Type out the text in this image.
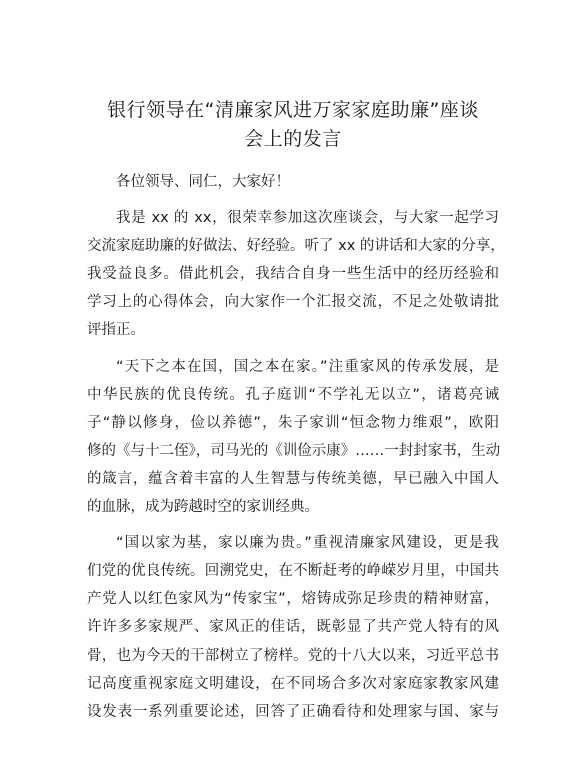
银行领导在“清廉家风进万家家庭助廉”座谈
会上的发言
各位领导、同仁，大家好！
我是 xx 的 xx，很荣幸参加这次座谈会，与大家一起学习
交流家庭助廉的好做法、好经验。听了 xx 的讲话和大家的分享，
我受益良多。借此机会，我结合自身一些生活中的经历经验和
学习上的心得体会，向大家作一个汇报交流，不足之处敬请批
评指正。
“天下之本在国，国之本在家。”注重家风的传承发展，是
中华民族的优良传统。孔子庭训“不学礼无以立”，诸葛亮诫
子“静以修身，俭以养德”，朱子家训“恒念物力维艰”，欧阳
修的《与十二侄》，司马光的《训俭示康》……一封封家书，生动
的箴言，蕴含着丰富的人生智慧与传统美德，早已融入中国人
的血脉，成为跨越时空的家训经典。
“国以家为基，家以廉为贵。”重视清廉家风建设，更是我
们党的优良传统。回溯党史，在不断赶考的峥嵘岁月里，中国共
产党人以红色家风为“传家宝”，熔铸成弥足珍贵的精神财富，
许许多多家规严、家风正的佳话，既彰显了共产党人特有的风
骨，也为今天的干部树立了榜样。党的十八大以来，习近平总书
记高度重视家庭文明建设，在不同场合多次对家庭家教家风建
设发表一系列重要论述，回答了正确看待和处理家与国、家与
